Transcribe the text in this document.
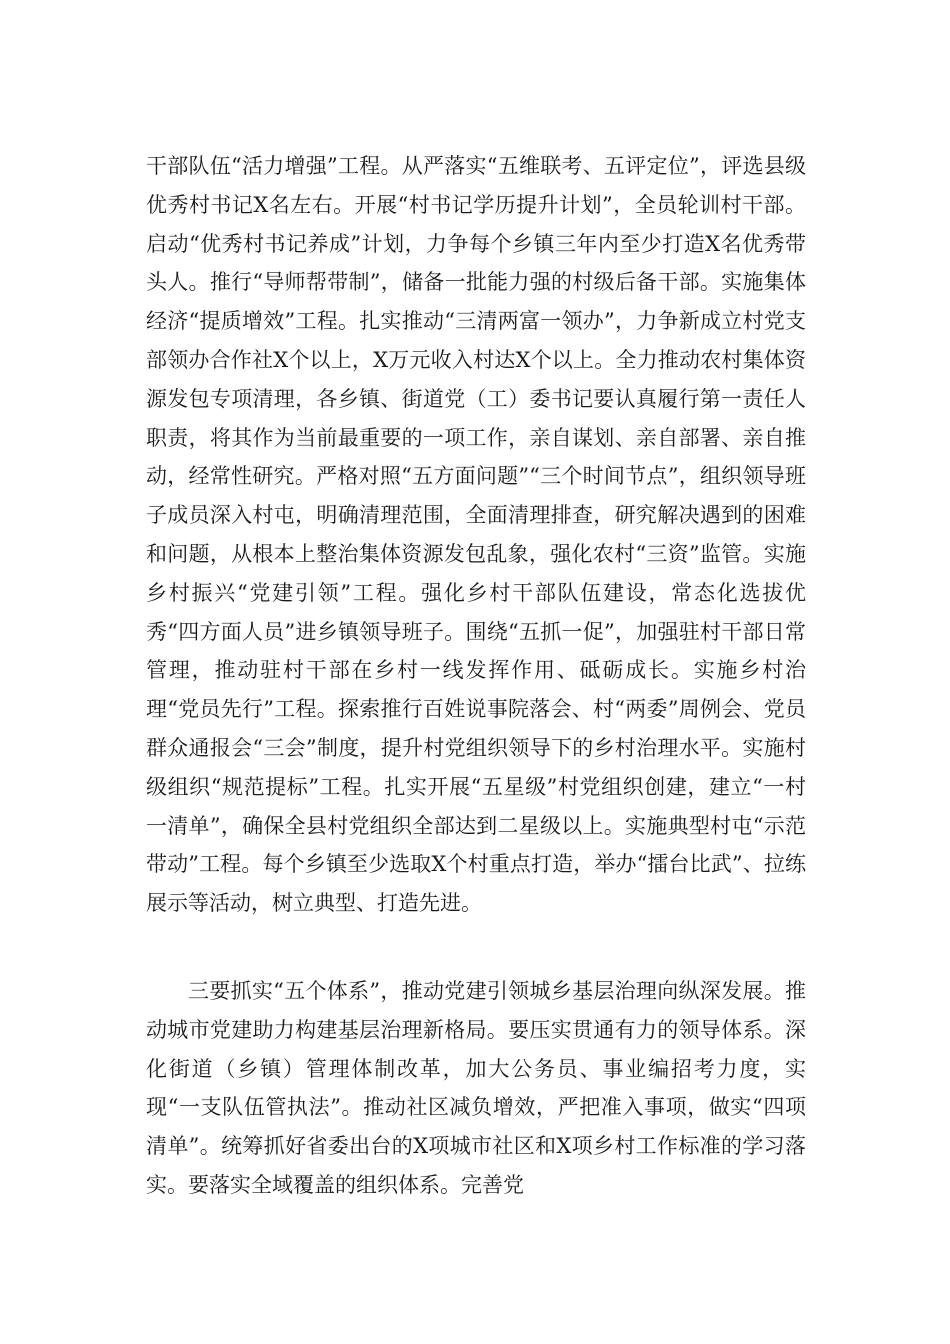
干部队伍“活力增强”工程。从严落实“五维联考、五评定位”，评选县级优秀村书记X名左右。开展“村书记学历提升计划”，全员轮训村干部。启动“优秀村书记养成”计划，力争每个乡镇三年内至少打造X名优秀带头人。推行“导师帮带制”，储备一批能力强的村级后备干部。实施集体经济“提质增效”工程。扎实推动“三清两富一领办”，力争新成立村党支部领办合作社X个以上，X万元收入村达X个以上。全力推动农村集体资源发包专项清理，各乡镇、街道党（工）委书记要认真履行第一责任人职责，将其作为当前最重要的一项工作，亲自谋划、亲自部署、亲自推动，经常性研究。严格对照“五方面问题”“三个时间节点”，组织领导班子成员深入村屯，明确清理范围，全面清理排查，研究解决遇到的困难和问题，从根本上整治集体资源发包乱象，强化农村“三资”监管。实施乡村振兴“党建引领”工程。强化乡村干部队伍建设，常态化选拔优秀“四方面人员”进乡镇领导班子。围绕“五抓一促”，加强驻村干部日常管理，推动驻村干部在乡村一线发挥作用、砥砺成长。实施乡村治理“党员先行”工程。探索推行百姓说事院落会、村“两委”周例会、党员群众通报会“三会”制度，提升村党组织领导下的乡村治理水平。实施村级组织“规范提标”工程。扎实开展“五星级”村党组织创建，建立“一村一清单”，确保全县村党组织全部达到二星级以上。实施典型村屯“示范带动”工程。每个乡镇至少选取X个村重点打造，举办“擂台比武”、拉练展示等活动，树立典型、打造先进。

三要抓实“五个体系”，推动党建引领城乡基层治理向纵深发展。推动城市党建助力构建基层治理新格局。要压实贯通有力的领导体系。深化街道（乡镇）管理体制改革，加大公务员、事业编招考力度，实现“一支队伍管执法”。推动社区减负增效，严把准入事项，做实“四项清单”。统筹抓好省委出台的X项城市社区和X项乡村工作标准的学习落实。要落实全域覆盖的组织体系。完善党
